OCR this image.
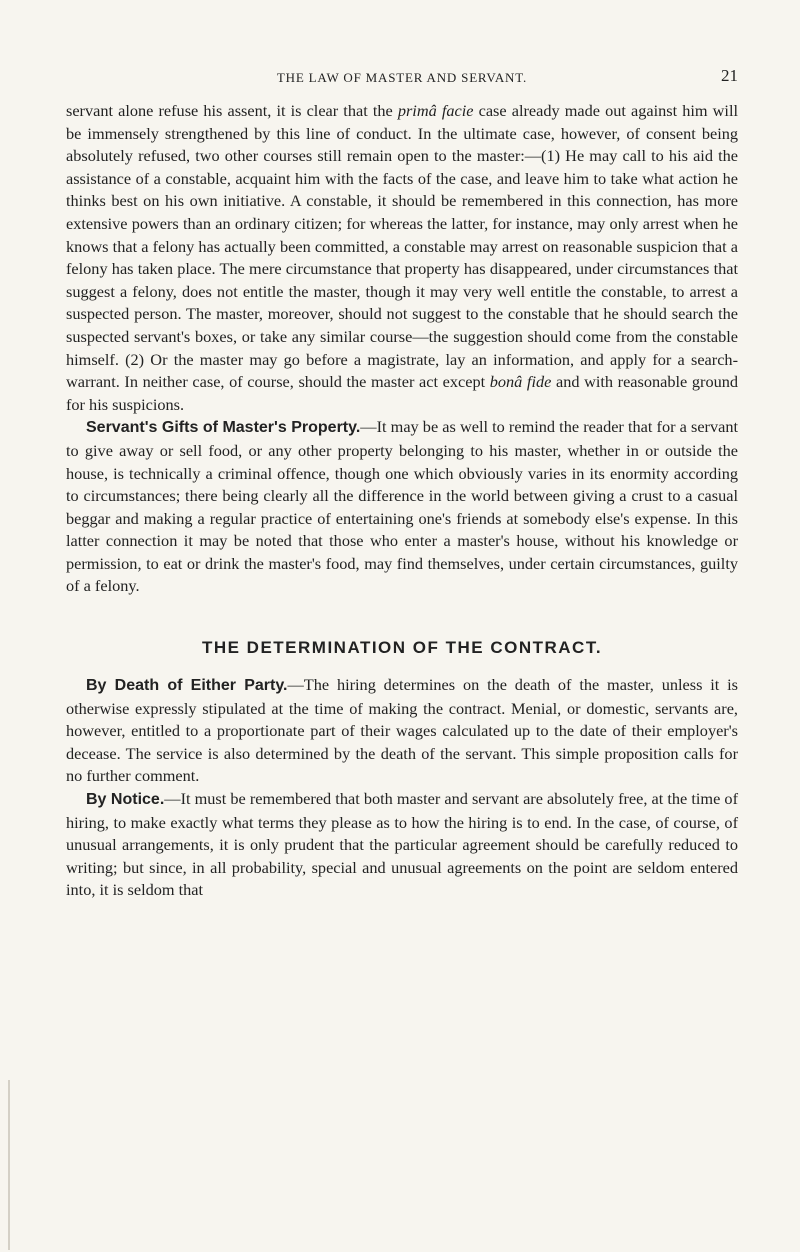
THE LAW OF MASTER AND SERVANT.	21

servant alone refuse his assent, it is clear that the primâ facie case already made out against him will be immensely strengthened by this line of conduct. In the ultimate case, however, of consent being absolutely refused, two other courses still remain open to the master:—(1) He may call to his aid the assistance of a constable, acquaint him with the facts of the case, and leave him to take what action he thinks best on his own initiative. A constable, it should be remembered in this connection, has more extensive powers than an ordinary citizen; for whereas the latter, for instance, may only arrest when he knows that a felony has actually been committed, a constable may arrest on reasonable suspicion that a felony has taken place. The mere circumstance that property has disappeared, under circumstances that suggest a felony, does not entitle the master, though it may very well entitle the constable, to arrest a suspected person. The master, moreover, should not suggest to the constable that he should search the suspected servant's boxes, or take any similar course—the suggestion should come from the constable himself. (2) Or the master may go before a magistrate, lay an information, and apply for a search-warrant. In neither case, of course, should the master act except bonâ fide and with reasonable ground for his suspicions.

Servant's Gifts of Master's Property.—It may be as well to remind the reader that for a servant to give away or sell food, or any other property belonging to his master, whether in or outside the house, is technically a criminal offence, though one which obviously varies in its enormity according to circumstances; there being clearly all the difference in the world between giving a crust to a casual beggar and making a regular practice of entertaining one's friends at somebody else's expense. In this latter connection it may be noted that those who enter a master's house, without his knowledge or permission, to eat or drink the master's food, may find themselves, under certain circumstances, guilty of a felony.

THE DETERMINATION OF THE CONTRACT.

By Death of Either Party.—The hiring determines on the death of the master, unless it is otherwise expressly stipulated at the time of making the contract. Menial, or domestic, servants are, however, entitled to a proportionate part of their wages calculated up to the date of their employer's decease. The service is also determined by the death of the servant. This simple proposition calls for no further comment.

By Notice.—It must be remembered that both master and servant are absolutely free, at the time of hiring, to make exactly what terms they please as to how the hiring is to end. In the case, of course, of unusual arrangements, it is only prudent that the particular agreement should be carefully reduced to writing; but since, in all probability, special and unusual agreements on the point are seldom entered into, it is seldom that
